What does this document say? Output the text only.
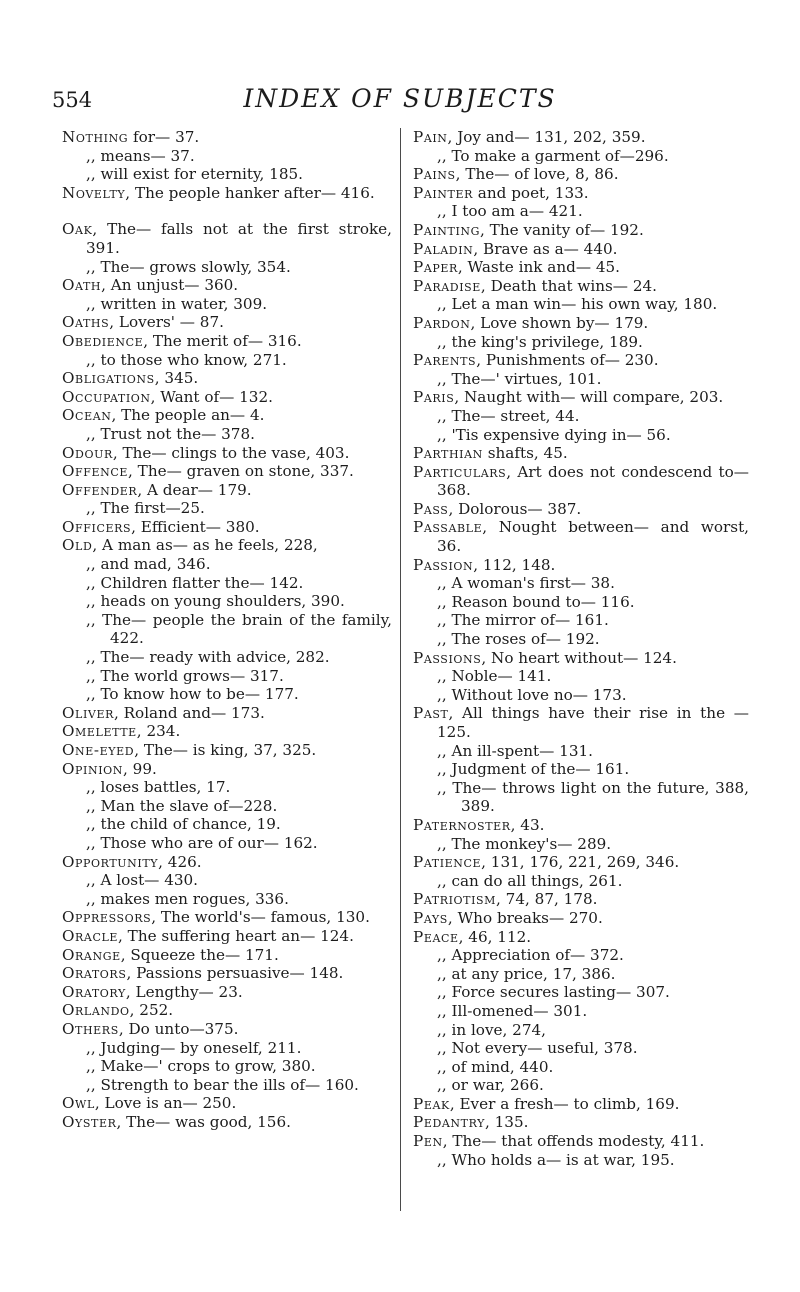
554	INDEX OF SUBJECTS
Nothing for— 37.
,, means— 37.
,, will exist for eternity, 185.
Novelty, The people hanker after— 416.
Oak, The— falls not at the first stroke, 391.
,, The— grows slowly, 354.
Oath, An unjust— 360.
,, written in water, 309.
Oaths, Lovers' — 87.
Obedience, The merit of— 316.
,, to those who know, 271.
Obligations, 345.
Occupation, Want of— 132.
Ocean, The people an— 4.
,, Trust not the— 378.
Odour, The— clings to the vase, 403.
Offence, The— graven on stone, 337.
Offender, A dear— 179.
,, The first—25.
Officers, Efficient— 380.
Old, A man as— as he feels, 228,
,, and mad, 346.
,, Children flatter the— 142.
,, heads on young shoulders, 390.
,, The— people the brain of the family, 422.
,, The— ready with advice, 282.
,, The world grows— 317.
,, To know how to be— 177.
Oliver, Roland and— 173.
Omelette, 234.
One-eyed, The— is king, 37, 325.
Opinion, 99.
,, loses battles, 17.
,, Man the slave of—228.
,, the child of chance, 19.
,, Those who are of our— 162.
Opportunity, 426.
,, A lost— 430.
,, makes men rogues, 336.
Oppressors, The world's— famous, 130.
Oracle, The suffering heart an— 124.
Orange, Squeeze the— 171.
Orators, Passions persuasive— 148.
Oratory, Lengthy— 23.
Orlando, 252.
Others, Do unto—375.
,, Judging— by oneself, 211.
,, Make—' crops to grow, 380.
,, Strength to bear the ills of— 160.
Owl, Love is an— 250.
Oyster, The— was good, 156.
Pain, Joy and— 131, 202, 359.
,, To make a garment of—296.
Pains, The— of love, 8, 86.
Painter and poet, 133.
,, I too am a— 421.
Painting, The vanity of— 192.
Paladin, Brave as a— 440.
Paper, Waste ink and— 45.
Paradise, Death that wins— 24.
,, Let a man win— his own way, 180.
Pardon, Love shown by— 179.
,, the king's privilege, 189.
Parents, Punishments of— 230.
,, The—' virtues, 101.
Paris, Naught with— will compare, 203.
,, The— street, 44.
,, 'Tis expensive dying in— 56.
Parthian shafts, 45.
Particulars, Art does not condescend to— 368.
Pass, Dolorous— 387.
Passable, Nought between— and worst, 36.
Passion, 112, 148.
,, A woman's first— 38.
,, Reason bound to— 116.
,, The mirror of— 161.
,, The roses of— 192.
Passions, No heart without— 124.
,, Noble— 141.
,, Without love no— 173.
Past, All things have their rise in the — 125.
,, An ill-spent— 131.
,, Judgment of the— 161.
,, The— throws light on the future, 388, 389.
Paternoster, 43.
,, The monkey's— 289.
Patience, 131, 176, 221, 269, 346.
,, can do all things, 261.
Patriotism, 74, 87, 178.
Pays, Who breaks— 270.
Peace, 46, 112.
,, Appreciation of— 372.
,, at any price, 17, 386.
,, Force secures lasting— 307.
,, Ill-omened— 301.
,, in love, 274,
,, Not every— useful, 378.
,, of mind, 440.
,, or war, 266.
Peak, Ever a fresh— to climb, 169.
Pedantry, 135.
Pen, The— that offends modesty, 411.
,, Who holds a— is at war, 195.
